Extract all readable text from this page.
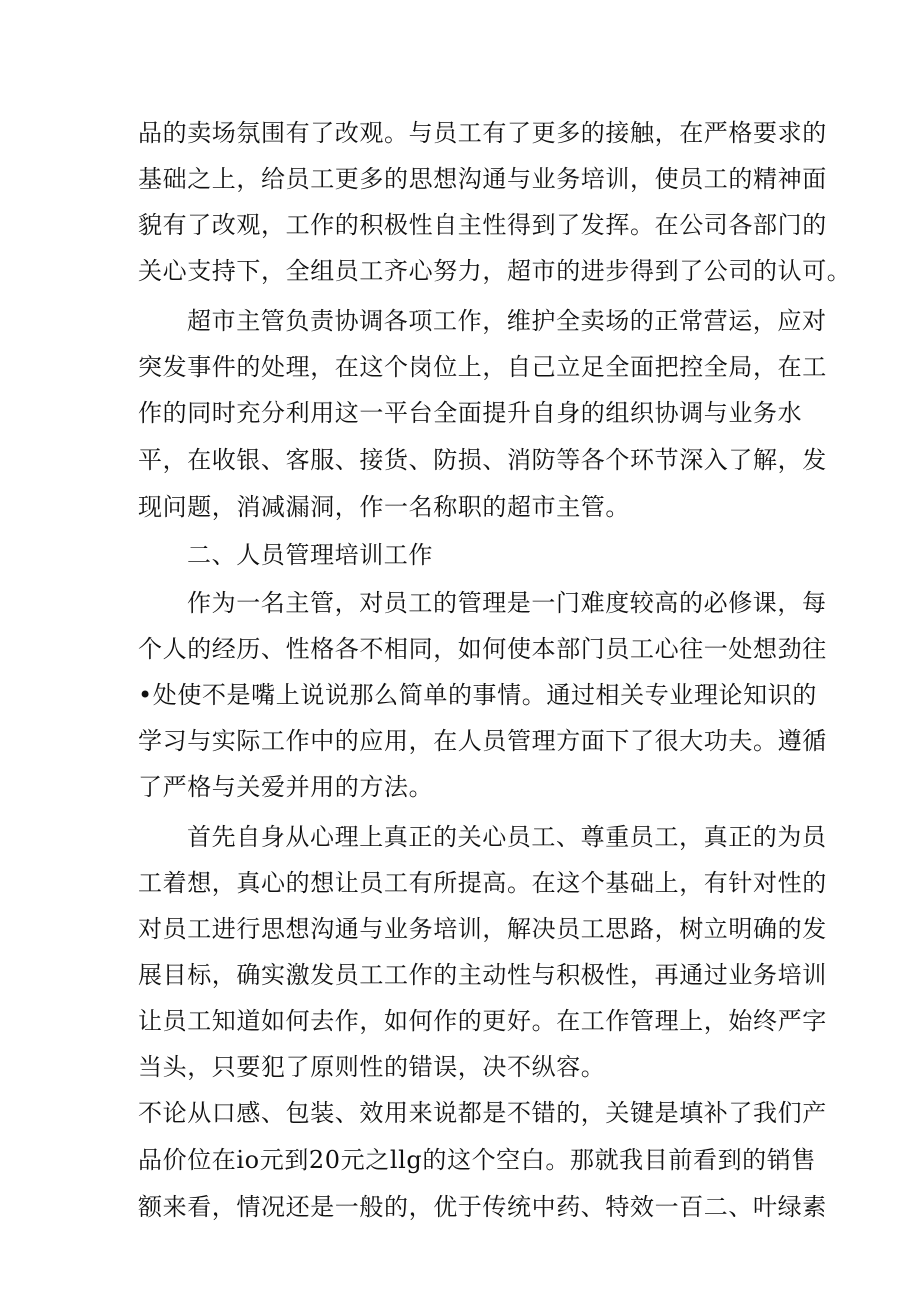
品的卖场氛围有了改观。与员工有了更多的接触，在严格要求的
基础之上，给员工更多的思想沟通与业务培训，使员工的精神面
貌有了改观，工作的积极性自主性得到了发挥。在公司各部门的
关心支持下，全组员工齐心努力，超市的进步得到了公司的认可。
超市主管负责协调各项工作，维护全卖场的正常营运，应对
突发事件的处理，在这个岗位上，自己立足全面把控全局，在工
作的同时充分利用这一平台全面提升自身的组织协调与业务水
平，在收银、客服、接货、防损、消防等各个环节深入了解，发
现问题，消减漏洞，作一名称职的超市主管。
二、人员管理培训工作
作为一名主管，对员工的管理是一门难度较高的必修课，每
个人的经历、性格各不相同，如何使本部门员工心往一处想劲往
•处使不是嘴上说说那么简单的事情。通过相关专业理论知识的
学习与实际工作中的应用，在人员管理方面下了很大功夫。遵循
了严格与关爱并用的方法。
首先自身从心理上真正的关心员工、尊重员工，真正的为员
工着想，真心的想让员工有所提高。在这个基础上，有针对性的
对员工进行思想沟通与业务培训，解决员工思路，树立明确的发
展目标，确实激发员工工作的主动性与积极性，再通过业务培训
让员工知道如何去作，如何作的更好。在工作管理上，始终严字
当头，只要犯了原则性的错误，决不纵容。
不论从口感、包装、效用来说都是不错的，关键是填补了我们产
品价位在io元到20元之llg的这个空白。那就我目前看到的销售
额来看，情况还是一般的，优于传统中药、特效一百二、叶绿素
